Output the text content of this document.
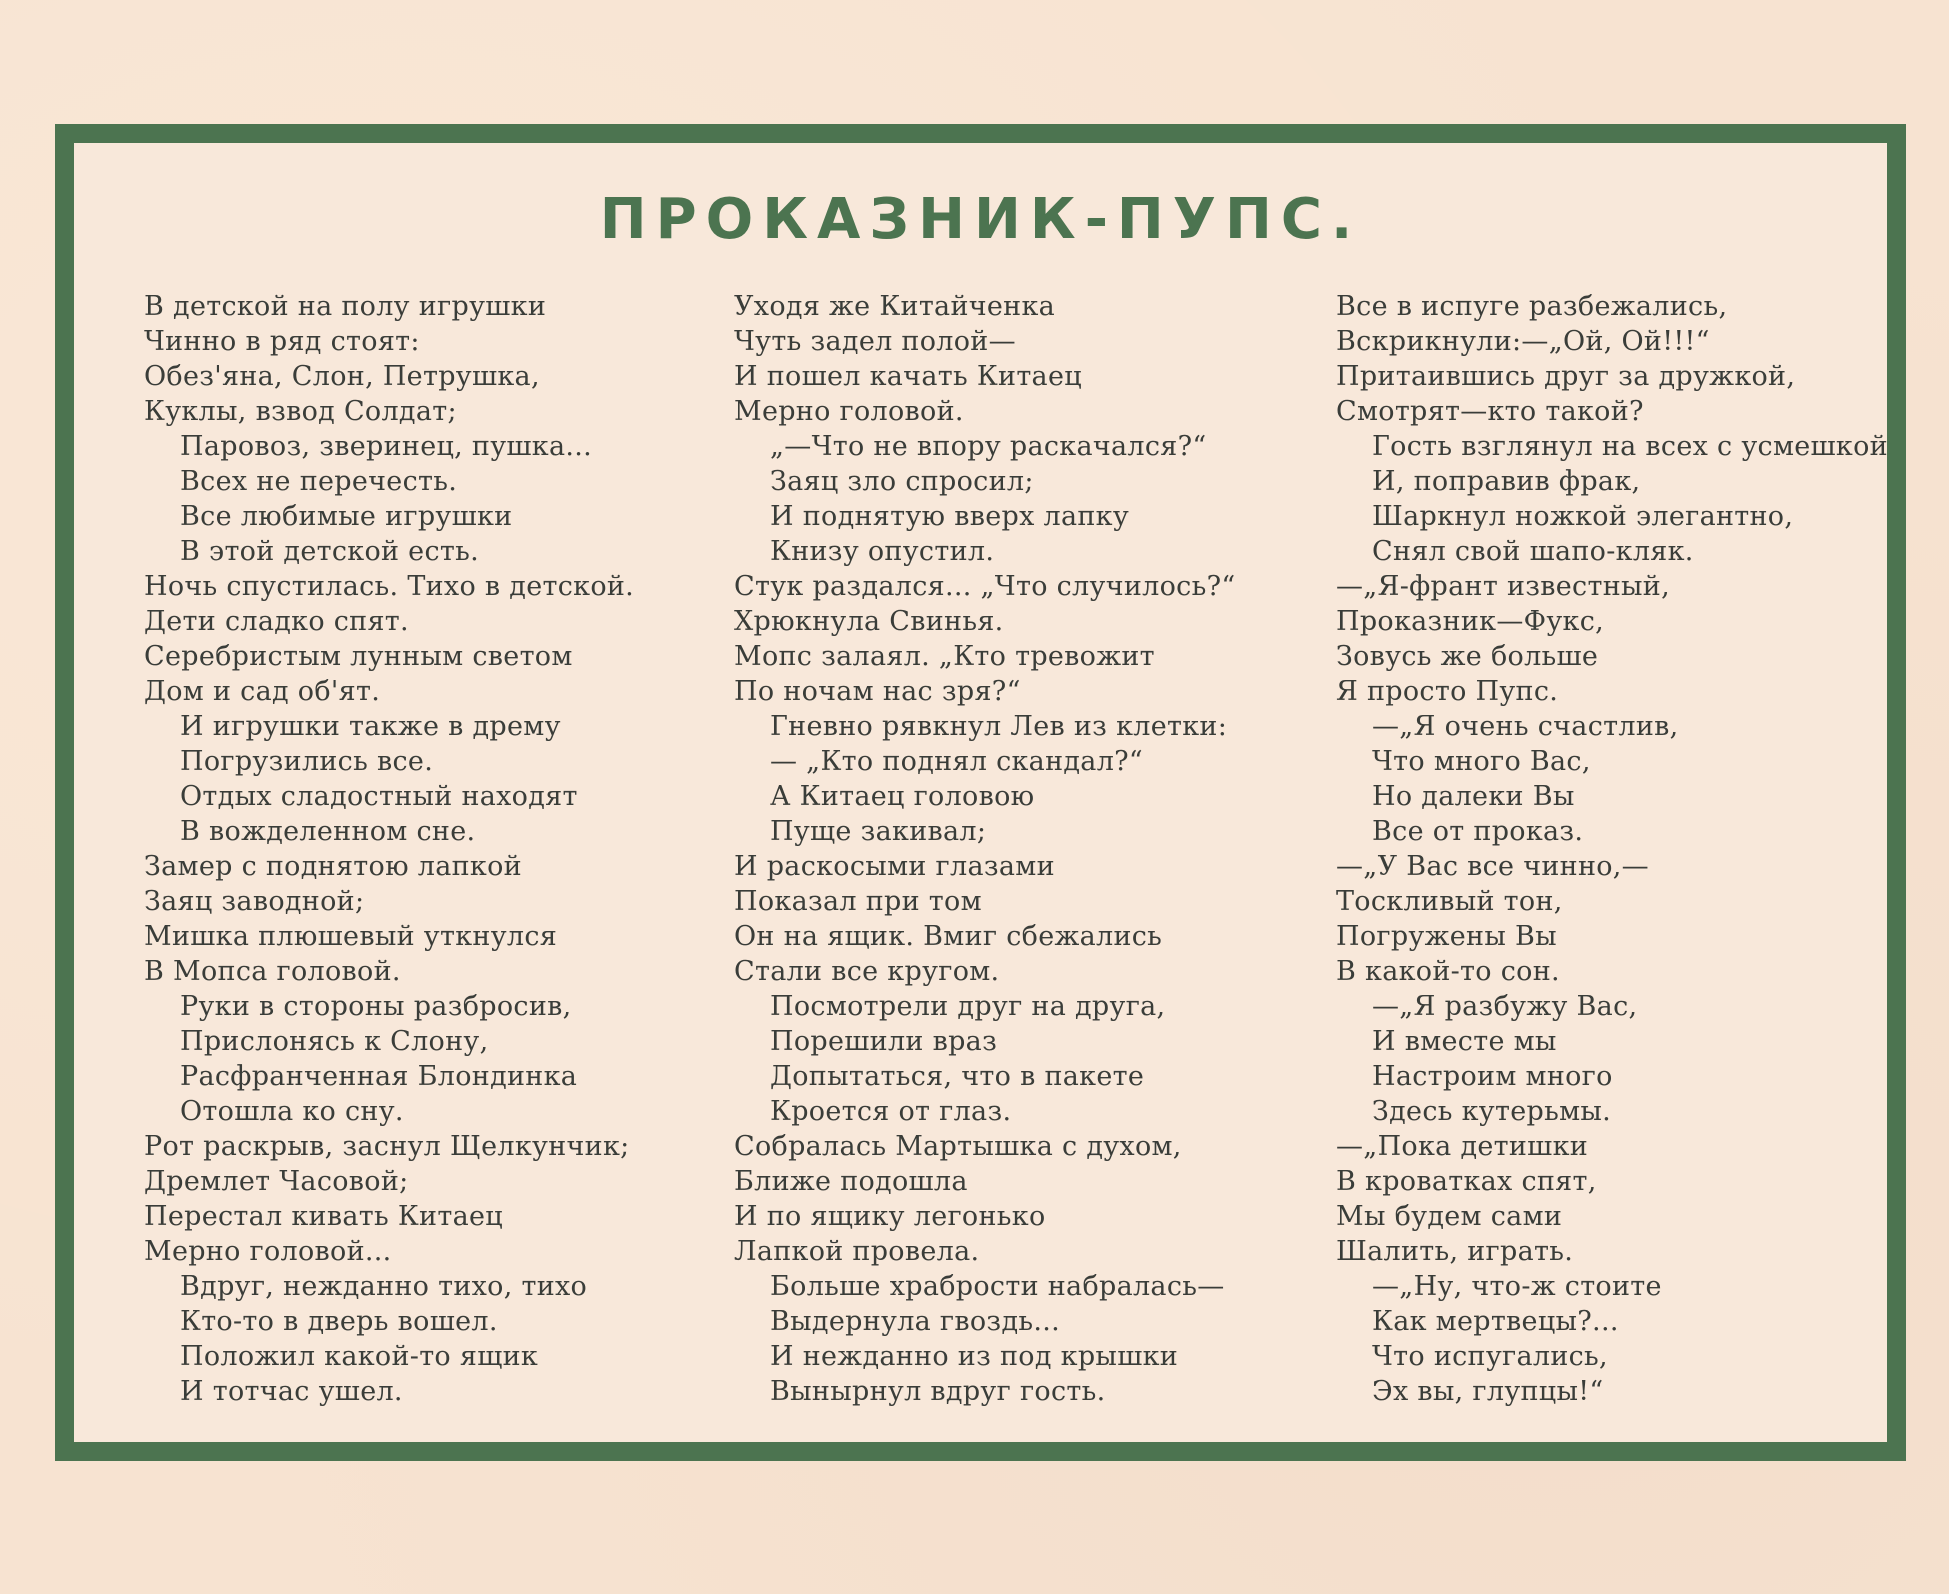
ПРОКАЗНИК-ПУПС.
В детской на полу игрушки
Чинно в ряд стоят:
Обез'яна, Слон, Петрушка,
Куклы, взвод Солдат;
Паровоз, зверинец, пушка...
Всех не перечесть.
Все любимые игрушки
В этой детской есть.
Ночь спустилась. Тихо в детской.
Дети сладко спят.
Серебристым лунным светом
Дом и сад об'ят.
И игрушки также в дрему
Погрузились все.
Отдых сладостный находят
В вожделенном сне.
Замер с поднятою лапкой
Заяц заводной;
Мишка плюшевый уткнулся
В Мопса головой.
Руки в стороны разбросив,
Прислонясь к Слону,
Расфранченная Блондинка
Отошла ко сну.
Рот раскрыв, заснул Щелкунчик;
Дремлет Часовой;
Перестал кивать Китаец
Мерно головой...
Вдруг, нежданно тихо, тихо
Кто-то в дверь вошел.
Положил какой-то ящик
И тотчас ушел.
Уходя же Китайченка
Чуть задел полой—
И пошел качать Китаец
Мерно головой.
„—Что не впору раскачался?“
Заяц зло спросил;
И поднятую вверх лапку
Книзу опустил.
Стук раздался... „Что случилось?“
Хрюкнула Свинья.
Мопс залаял. „Кто тревожит
По ночам нас зря?“
Гневно рявкнул Лев из клетки:
— „Кто поднял скандал?“
А Китаец головою
Пуще закивал;
И раскосыми глазами
Показал при том
Он на ящик. Вмиг сбежались
Стали все кругом.
Посмотрели друг на друга,
Порешили враз
Допытаться, что в пакете
Кроется от глаз.
Собралась Мартышка с духом,
Ближе подошла
И по ящику легонько
Лапкой провела.
Больше храбрости набралась—
Выдернула гвоздь...
И нежданно из под крышки
Вынырнул вдруг гость.
Все в испуге разбежались,
Вскрикнули:—„Ой, Ой!!!“
Притаившись друг за дружкой,
Смотрят—кто такой?
Гость взглянул на всех с усмешкой
И, поправив фрак,
Шаркнул ножкой элегантно,
Снял свой шапо-кляк.
—„Я-франт известный,
Проказник—Фукс,
Зовусь же больше
Я просто Пупс.
—„Я очень счастлив,
Что много Вас,
Но далеки Вы
Все от проказ.
—„У Вас все чинно,—
Тоскливый тон,
Погружены Вы
В какой-то сон.
—„Я разбужу Вас,
И вместе мы
Настроим много
Здесь кутерьмы.
—„Пока детишки
В кроватках спят,
Мы будем сами
Шалить, играть.
—„Ну, что-ж стоите
Как мертвецы?...
Что испугались,
Эх вы, глупцы!“
